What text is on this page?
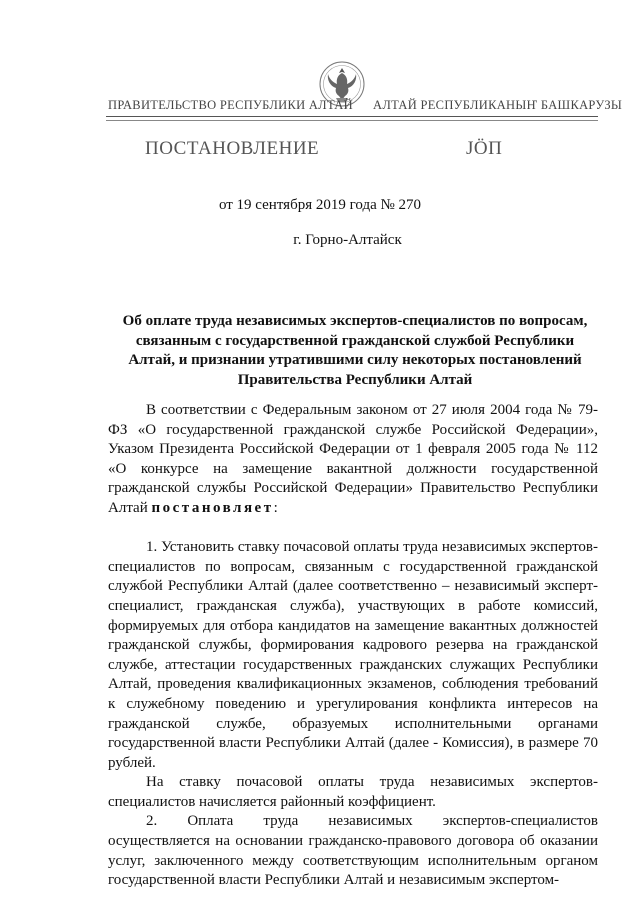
ПРАВИТЕЛЬСТВО РЕСПУБЛИКИ АЛТАЙ АЛТАЙ РЕСПУБЛИКАНЫҤ БАШКАРУЗЫ
ПОСТАНОВЛЕНИЕ	ЈӦП
от 19 сентября 2019 года № 270
г. Горно-Алтайск
Об оплате труда независимых экспертов-специалистов по вопросам, связанным с государственной гражданской службой Республики Алтай, и признании утратившими силу некоторых постановлений Правительства Республики Алтай

В соответствии с Федеральным законом от 27 июля 2004 года № 79-ФЗ «О государственной гражданской службе Российской Федерации», Указом Президента Российской Федерации от 1 февраля 2005 года № 112 «О конкурсе на замещение вакантной должности государственной гражданской службы Российской Федерации» Правительство Республики Алтай постановляет:

1. Установить ставку почасовой оплаты труда независимых экспертов-специалистов по вопросам, связанным с государственной гражданской службой Республики Алтай (далее соответственно – независимый эксперт-специалист, гражданская служба), участвующих в работе комиссий, формируемых для отбора кандидатов на замещение вакантных должностей гражданской службы, формирования кадрового резерва на гражданской службе, аттестации государственных гражданских служащих Республики Алтай, проведения квалификационных экзаменов, соблюдения требований к служебному поведению и урегулирования конфликта интересов на гражданской службе, образуемых исполнительными органами государственной власти Республики Алтай (далее - Комиссия), в размере 70 рублей.

На ставку почасовой оплаты труда независимых экспертов-специалистов начисляется районный коэффициент.

2. Оплата труда независимых экспертов-специалистов осуществляется на основании гражданско-правового договора об оказании услуг, заключенного между соответствующим исполнительным органом государственной власти Республики Алтай и независимым экспертом-
